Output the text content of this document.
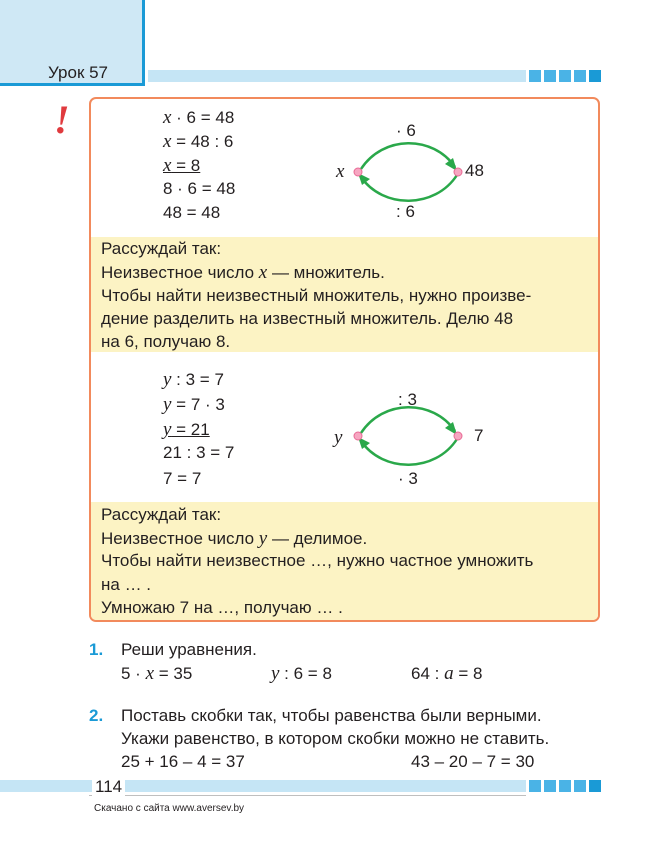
Урок 57
!	x · 6 = 48
x = 48 : 6
x = 8
8 · 6 = 48
48 = 48
· 6
x	48
: 6
Рассуждай так:
Неизвестное число x — множитель.
Чтобы найти неизвестный множитель, нужно произве-
дение разделить на известный множитель. Делю 48
на 6, получаю 8.
y : 3 = 7
y = 7 · 3
y = 21
21 : 3 = 7
7 = 7
: 3
y	7
· 3
Рассуждай так:
Неизвестное число y — делимое.
Чтобы найти неизвестное …, нужно частное умножить
на … .
Умножаю 7 на …, получаю … .
1. Реши уравнения.
5 · x = 35	y : 6 = 8	64 : a = 8
2. Поставь скобки так, чтобы равенства были верными.
Укажи равенство, в котором скобки можно не ставить.
25 + 16 – 4 = 37	43 – 20 – 7 = 30
114
Скачано с сайта www.aversev.by
